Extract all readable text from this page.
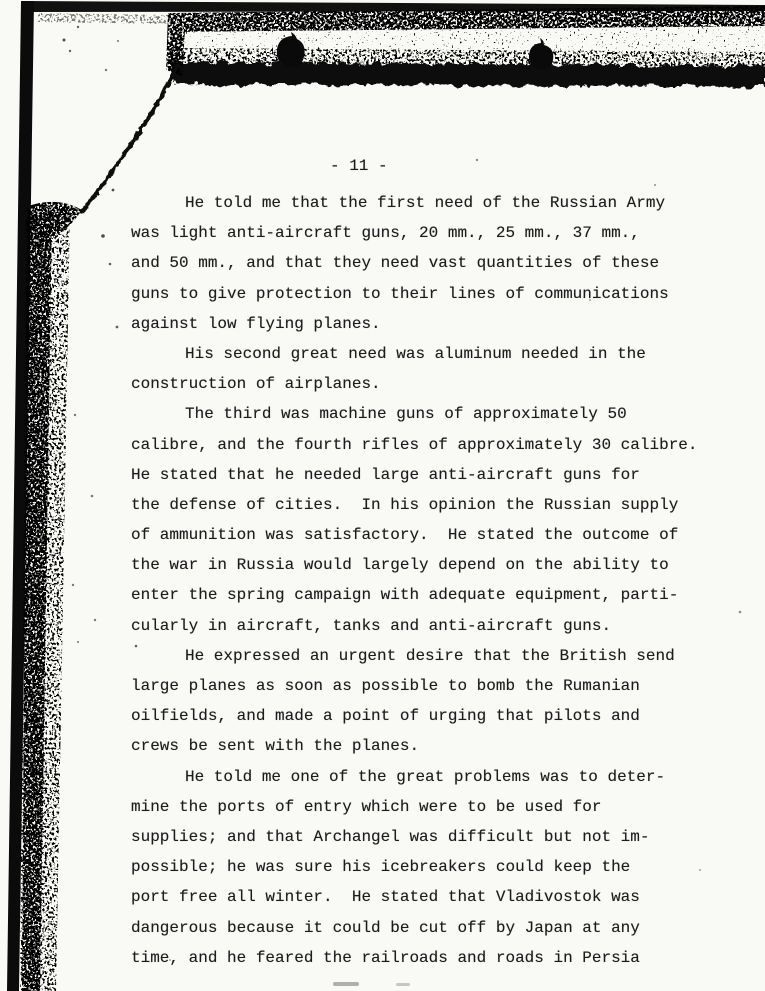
- 11 -
He told me that the first need of the Russian Army
was light anti-aircraft guns, 20 mm., 25 mm., 37 mm.,
and 50 mm., and that they need vast quantities of these
guns to give protection to their lines of communications
against low flying planes.
His second great need was aluminum needed in the
construction of airplanes.
The third was machine guns of approximately 50
calibre, and the fourth rifles of approximately 30 calibre.
He stated that he needed large anti-aircraft guns for
the defense of cities.  In his opinion the Russian supply
of ammunition was satisfactory.  He stated the outcome of
the war in Russia would largely depend on the ability to
enter the spring campaign with adequate equipment, parti-
cularly in aircraft, tanks and anti-aircraft guns.
He expressed an urgent desire that the British send
large planes as soon as possible to bomb the Rumanian
oilfields, and made a point of urging that pilots and
crews be sent with the planes.
He told me one of the great problems was to deter-
mine the ports of entry which were to be used for
supplies; and that Archangel was difficult but not im-
possible; he was sure his icebreakers could keep the
port free all winter.  He stated that Vladivostok was
dangerous because it could be cut off by Japan at any
time, and he feared the railroads and roads in Persia
